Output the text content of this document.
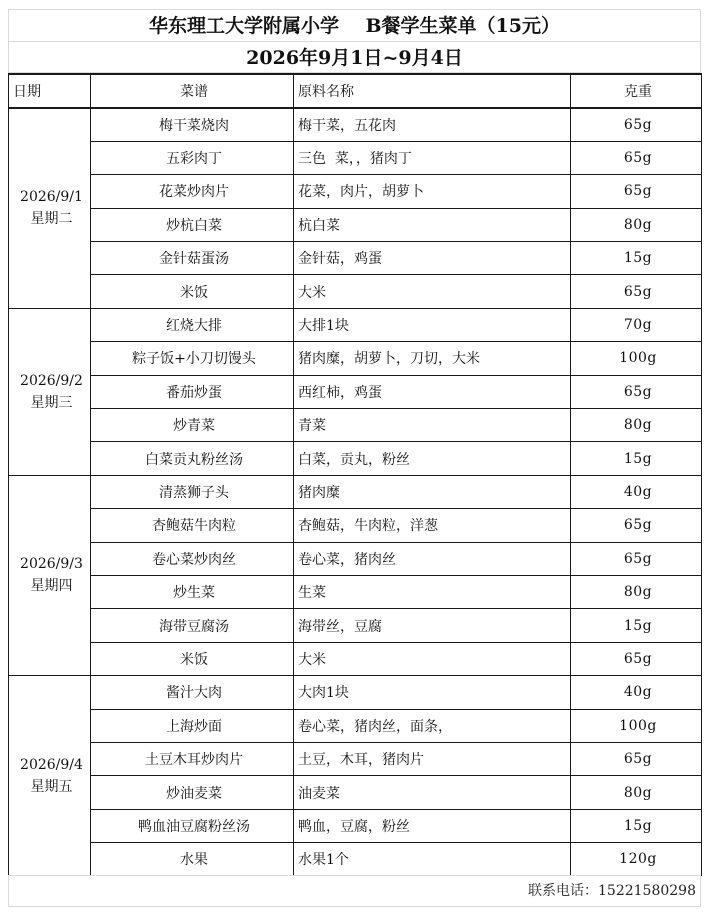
华东理工大学附属小学    B餐学生菜单（15元）
2026年9月1日~9月4日
日期	菜谱	原料名称	克重

2026/9/1
星期二	梅干菜烧肉	梅干菜，五花肉	65g
	五彩肉丁	三色  菜，，猪肉丁	65g
	花菜炒肉片	花菜，肉片，胡萝卜	65g
	炒杭白菜	杭白菜	80g
	金针菇蛋汤	金针菇，鸡蛋	15g
	米饭	大米	65g

2026/9/2
星期三	红烧大排	大排1块	70g
	粽子饭+小刀切馒头	猪肉糜，胡萝卜，刀切，大米	100g
	番茄炒蛋	西红柿，鸡蛋	65g
	炒青菜	青菜	80g
	白菜贡丸粉丝汤	白菜，贡丸，粉丝	15g

2026/9/3
星期四	清蒸狮子头	猪肉糜	40g
	杏鲍菇牛肉粒	杏鲍菇，牛肉粒，洋葱	65g
	卷心菜炒肉丝	卷心菜，猪肉丝	65g
	炒生菜	生菜	80g
	海带豆腐汤	海带丝，豆腐	15g
	米饭	大米	65g

2026/9/4
星期五	酱汁大肉	大肉1块	40g
	上海炒面	卷心菜，猪肉丝，面条，	100g
	土豆木耳炒肉片	土豆，木耳，猪肉片	65g
	炒油麦菜	油麦菜	80g
	鸭血油豆腐粉丝汤	鸭血，豆腐，粉丝	15g
	水果	水果1个	120g
联系电话：15221580298
